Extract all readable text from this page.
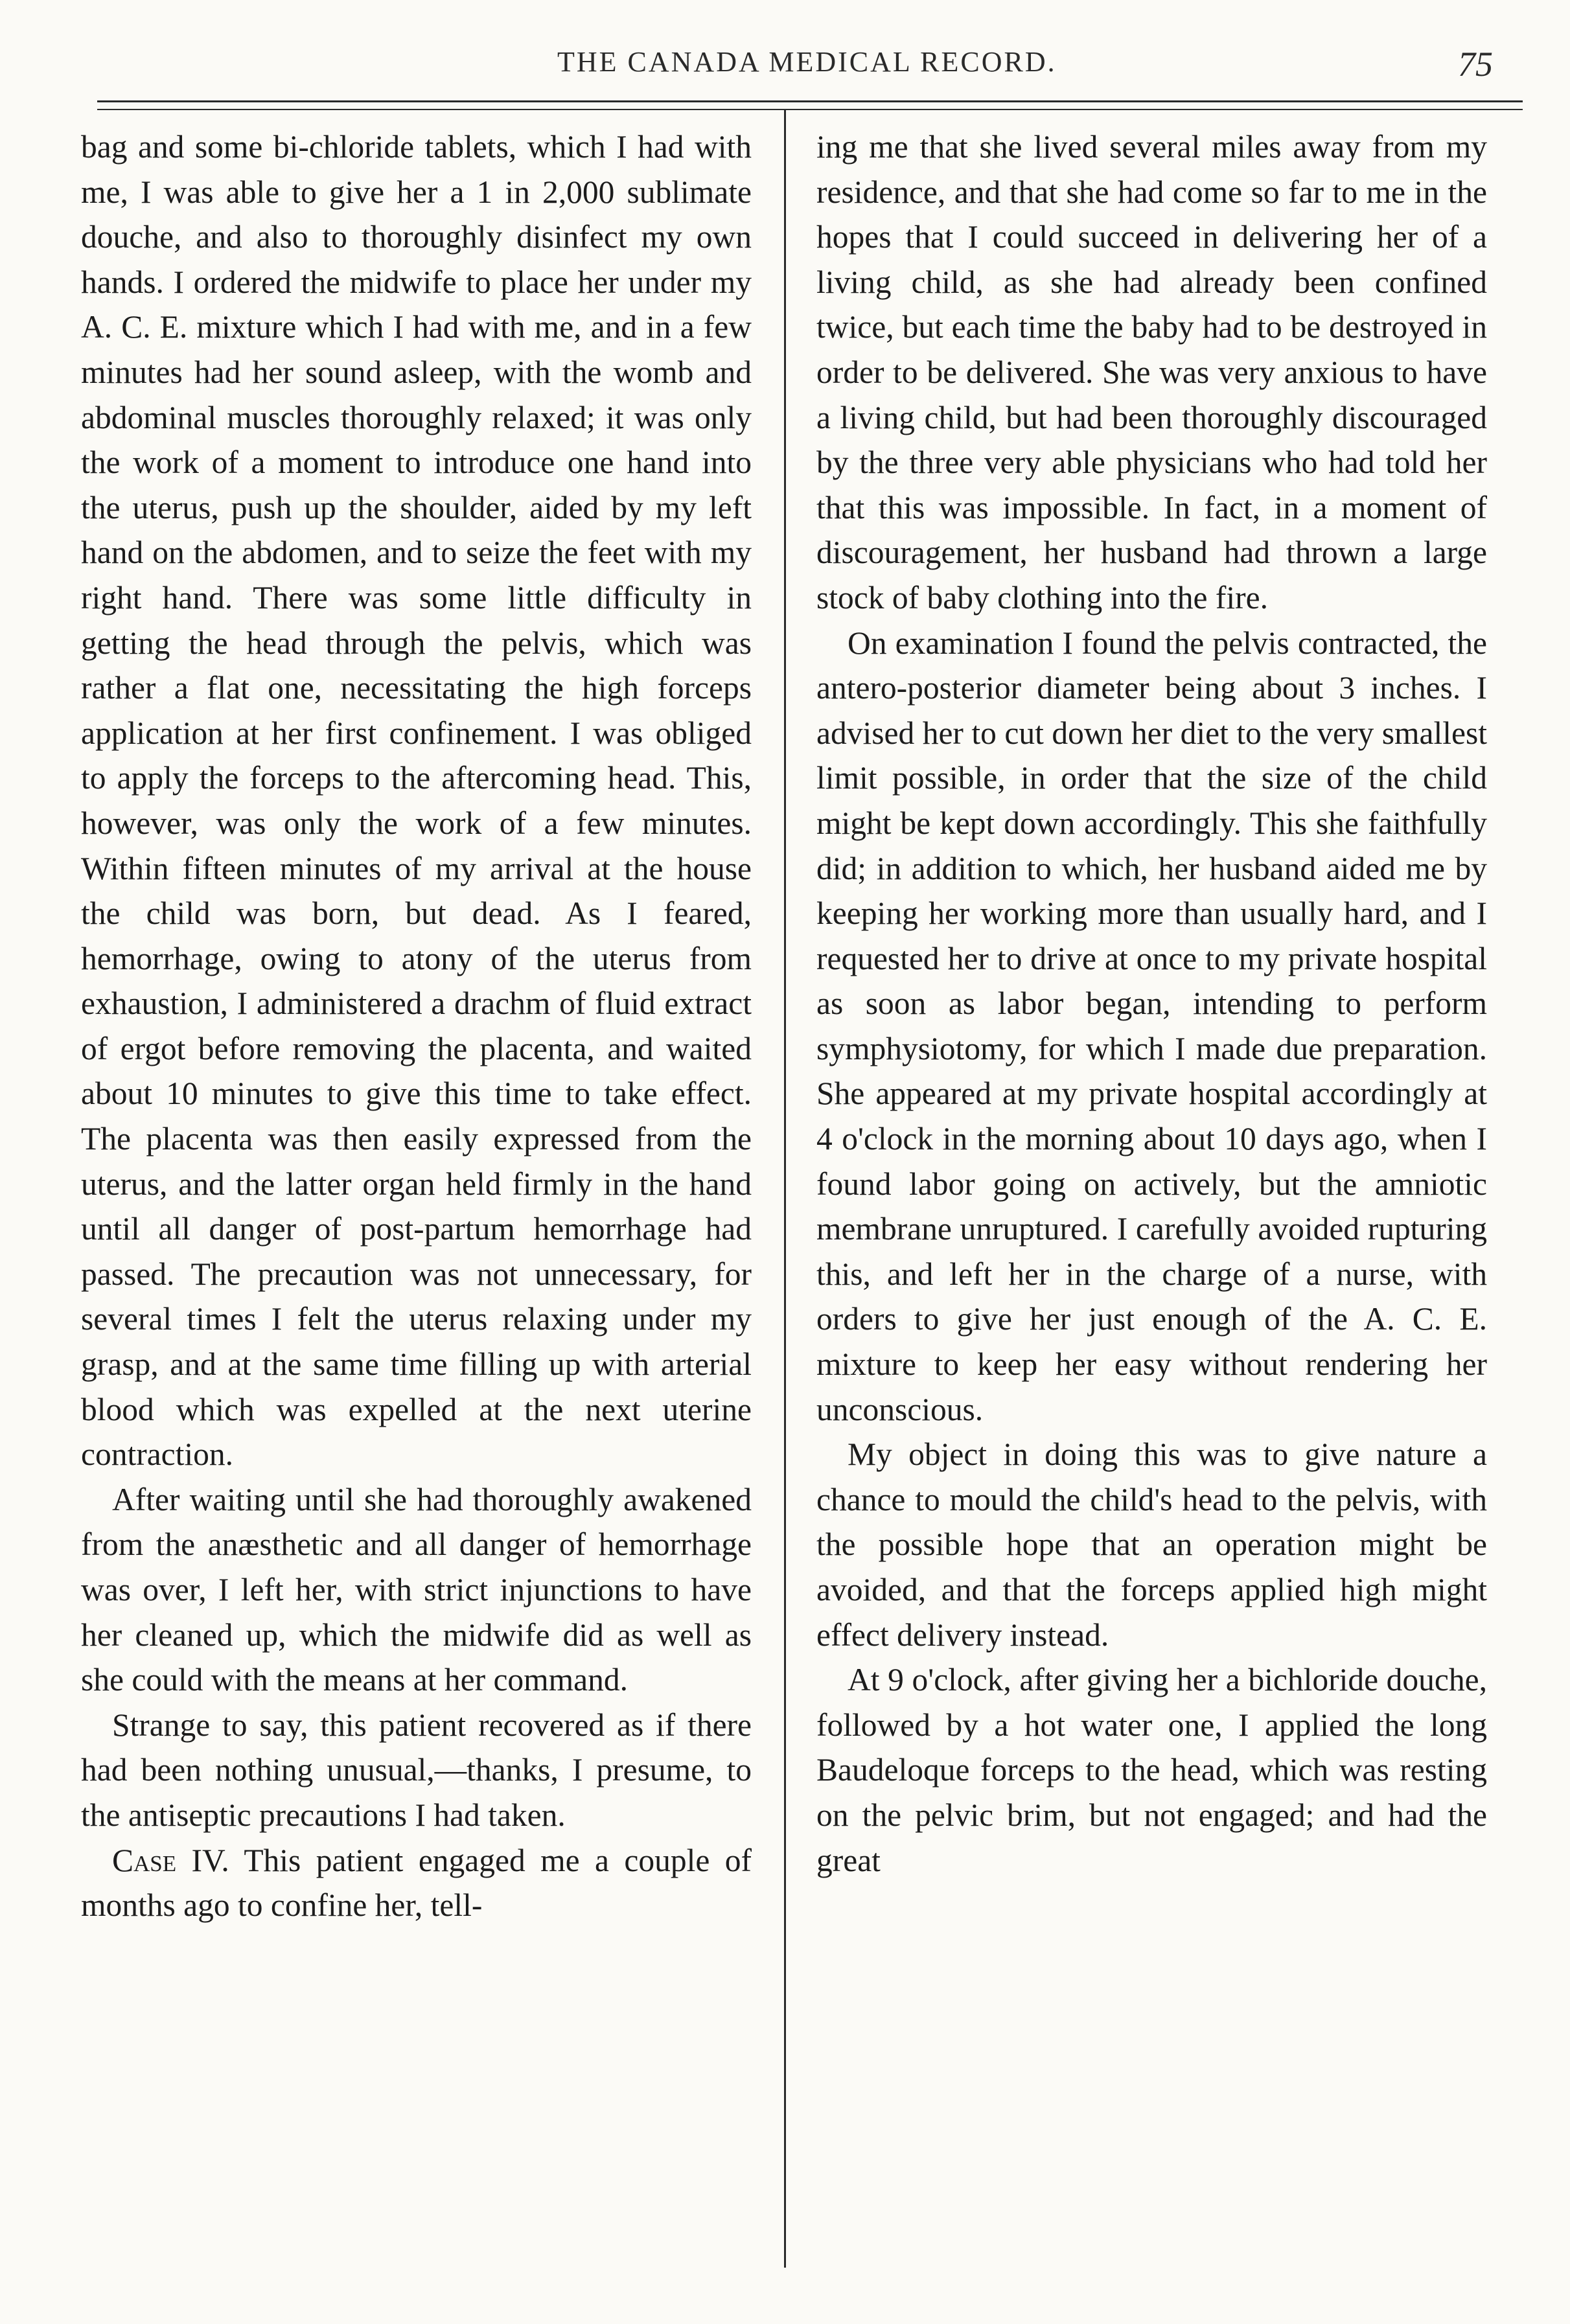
THE CANADA MEDICAL RECORD.	75

bag and some bi-chloride tablets, which I had with me, I was able to give her a 1 in 2,000 sublimate douche, and also to thoroughly disinfect my own hands. I ordered the midwife to place her under my A. C. E. mixture which I had with me, and in a few minutes had her sound asleep, with the womb and abdominal muscles thoroughly relaxed; it was only the work of a moment to introduce one hand into the uterus, push up the shoulder, aided by my left hand on the abdomen, and to seize the feet with my right hand. There was some little difficulty in getting the head through the pelvis, which was rather a flat one, necessitating the high forceps application at her first confinement. I was obliged to apply the forceps to the aftercoming head. This, however, was only the work of a few minutes. Within fifteen minutes of my arrival at the house the child was born, but dead. As I feared, hemorrhage, owing to atony of the uterus from exhaustion, I administered a drachm of fluid extract of ergot before removing the placenta, and waited about 10 minutes to give this time to take effect. The placenta was then easily expressed from the uterus, and the latter organ held firmly in the hand until all danger of post-partum hemorrhage had passed. The precaution was not unnecessary, for several times I felt the uterus relaxing under my grasp, and at the same time filling up with arterial blood which was expelled at the next uterine contraction.

After waiting until she had thoroughly awakened from the anæsthetic and all danger of hemorrhage was over, I left her, with strict injunctions to have her cleaned up, which the midwife did as well as she could with the means at her command.

Strange to say, this patient recovered as if there had been nothing unusual,—thanks, I presume, to the antiseptic precautions I had taken.

Case IV. This patient engaged me a couple of months ago to confine her, tell-

ing me that she lived several miles away from my residence, and that she had come so far to me in the hopes that I could succeed in delivering her of a living child, as she had already been confined twice, but each time the baby had to be destroyed in order to be delivered. She was very anxious to have a living child, but had been thoroughly discouraged by the three very able physicians who had told her that this was impossible. In fact, in a moment of discouragement, her husband had thrown a large stock of baby clothing into the fire.

On examination I found the pelvis contracted, the antero-posterior diameter being about 3 inches. I advised her to cut down her diet to the very smallest limit possible, in order that the size of the child might be kept down accordingly. This she faithfully did; in addition to which, her husband aided me by keeping her working more than usually hard, and I requested her to drive at once to my private hospital as soon as labor began, intending to perform symphysiotomy, for which I made due preparation. She appeared at my private hospital accordingly at 4 o'clock in the morning about 10 days ago, when I found labor going on actively, but the amniotic membrane unruptured. I carefully avoided rupturing this, and left her in the charge of a nurse, with orders to give her just enough of the A. C. E. mixture to keep her easy without rendering her unconscious.

My object in doing this was to give nature a chance to mould the child's head to the pelvis, with the possible hope that an operation might be avoided, and that the forceps applied high might effect delivery instead.

At 9 o'clock, after giving her a bichloride douche, followed by a hot water one, I applied the long Baudeloque forceps to the head, which was resting on the pelvic brim, but not engaged; and had the great
